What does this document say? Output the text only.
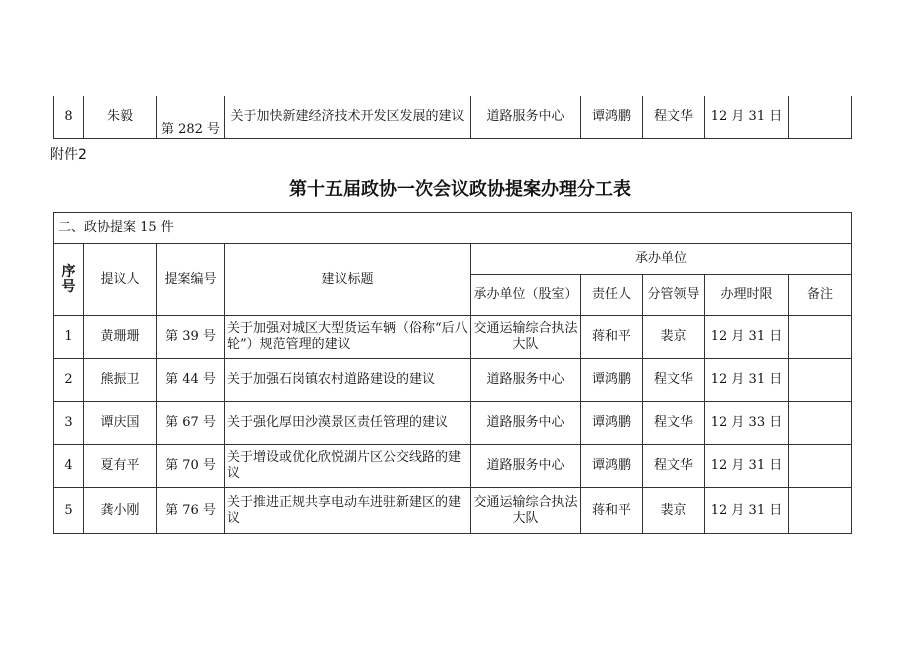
8	朱毅	第 282 号	关于加快新建经济技术开发区发展的建议	道路服务中心	谭鸿鹏	程文华	12 月 31 日	
附件2
第十五届政协一次会议政协提案办理分工表
二、政协提案 15 件								
序号	提议人	提案编号	建议标题	承办单位				
				承办单位（股室）	责任人	分管领导	办理时限	备注
1	黄珊珊	第 39 号	关于加强对城区大型货运车辆（俗称“后八轮”）规范管理的建议	交通运输综合执法大队	蒋和平	裴京	12 月 31 日	
2	熊振卫	第 44 号	关于加强石岗镇农村道路建设的建议	道路服务中心	谭鸿鹏	程文华	12 月 31 日	
3	谭庆国	第 67 号	关于强化厚田沙漠景区责任管理的建议	道路服务中心	谭鸿鹏	程文华	12 月 33 日	
4	夏有平	第 70 号	关于增设或优化欣悦湖片区公交线路的建议	道路服务中心	谭鸿鹏	程文华	12 月 31 日	
5	龚小刚	第 76 号	关于推进正规共享电动车进驻新建区的建议	交通运输综合执法大队	蒋和平	裴京	12 月 31 日	
